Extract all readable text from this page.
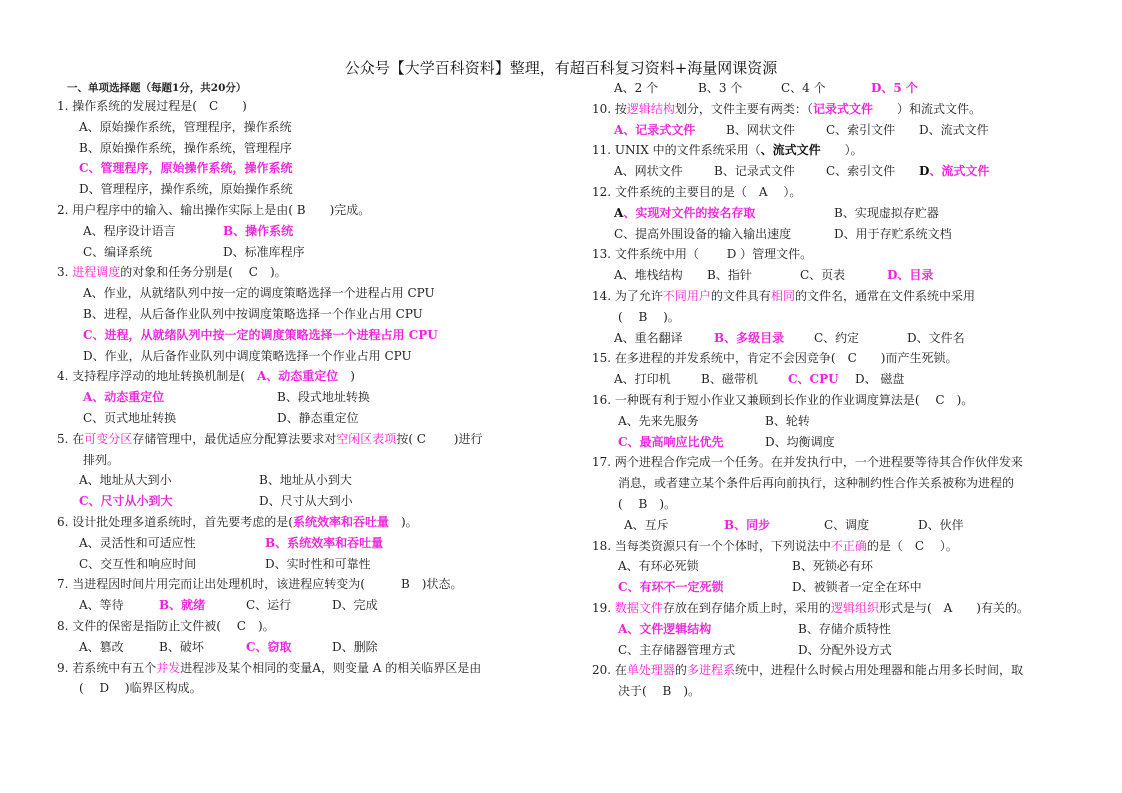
公众号【大学百科资料】整理，有超百科复习资料+海量网课资源
一、单项选择题（每题1分，共20分）
1. 操作系统的发展过程是(　C　　)
A、原始操作系统，管理程序，操作系统
B、原始操作系统，操作系统，管理程序
C、管理程序，原始操作系统，操作系统
D、管理程序，操作系统，原始操作系统
2. 用户程序中的输入、输出操作实际上是由( B　　)完成。
A、程序设计语言	B、操作系统
C、编译系统	D、标准库程序
3. 进程调度的对象和任务分别是(　 C　)。
A、作业，从就绪队列中按一定的调度策略选择一个进程占用 CPU
B、进程，从后备作业队列中按调度策略选择一个作业占用 CPU
C、进程，从就绪队列中按一定的调度策略选择一个进程占用 CPU
D、作业，从后备作业队列中调度策略选择一个作业占用 CPU
4. 支持程序浮动的地址转换机制是(　A、动态重定位　)
A、动态重定位	B、段式地址转换
C、页式地址转换	D、静态重定位
5. 在可变分区存储管理中，最优适应分配算法要求对空闲区表项按( C　　 )进行
排列。
A、地址从大到小	B、地址从小到大
C、尺寸从小到大	D、尺寸从大到小
6. 设计批处理多道系统时，首先要考虑的是(系统效率和吞吐量　)。
A、灵活性和可适应性	B、系统效率和吞吐量
C、交互性和响应时间	D、实时性和可靠性
7. 当进程因时间片用完而让出处理机时，该进程应转变为(　　　B　)状态。
A、等待	B、就绪	C、运行	D、完成
8. 文件的保密是指防止文件被(　 C　)。
A、篡改	B、破坏	C、窃取	D、删除
9. 若系统中有五个并发进程涉及某个相同的变量A，则变量 A 的相关临界区是由
(　 D　 )临界区构成。
A、2 个	B、3 个	C、4 个	D、5 个
10. 按逻辑结构划分，文件主要有两类：（记录式文件　　）和流式文件。
A、记录式文件	B、网状文件	C、索引文件 D、流式文件
11. UNIX 中的文件系统采用（、流式文件　　）。
A、网状文件	B、记录式文件	C、索引文件 D、流式文件
12. 文件系统的主要目的是（　A　 ）。
A、实现对文件的按名存取	B、实现虚拟存贮器
C、提高外围设备的输入输出速度	D、用于存贮系统文档
13. 文件系统中用（　　 D ）管理文件。
A、堆栈结构 B、指针	C、页表	D、目录
14. 为了允许不同用户的文件具有相同的文件名，通常在文件系统中采用
(　 B　 )。
A、重名翻译	B、多级目录 C、约定	D、文件名
15. 在多进程的并发系统中，肯定不会因竞争(　C　　)而产生死锁。
A、打印机	B、磁带机	C、CPU D、 磁盘
16. 一种既有利于短小作业又兼顾到长作业的作业调度算法是(　 C　)。
A、先来先服务	B、轮转
C、最高响应比优先	D、均衡调度
17. 两个进程合作完成一个任务。在并发执行中，一个进程要等待其合作伙伴发来
消息，或者建立某个条件后再向前执行，这种制约性合作关系被称为进程的
(　 B　)。
A、互斥	B、同步	C、调度	D、伙伴
18. 当每类资源只有一个个体时，下列说法中不正确的是（　C　 ）。
A、有环必死锁	B、死锁必有环
C、有环不一定死锁	D、被锁者一定全在环中
19. 数据文件存放在到存储介质上时，采用的逻辑组织形式是与(　A　　)有关的。
A、文件逻辑结构	B、存储介质特性
C、主存储器管理方式	D、分配外设方式
20. 在单处理器的多进程系统中，进程什么时候占用处理器和能占用多长时间，取
决于(　 B　)。
